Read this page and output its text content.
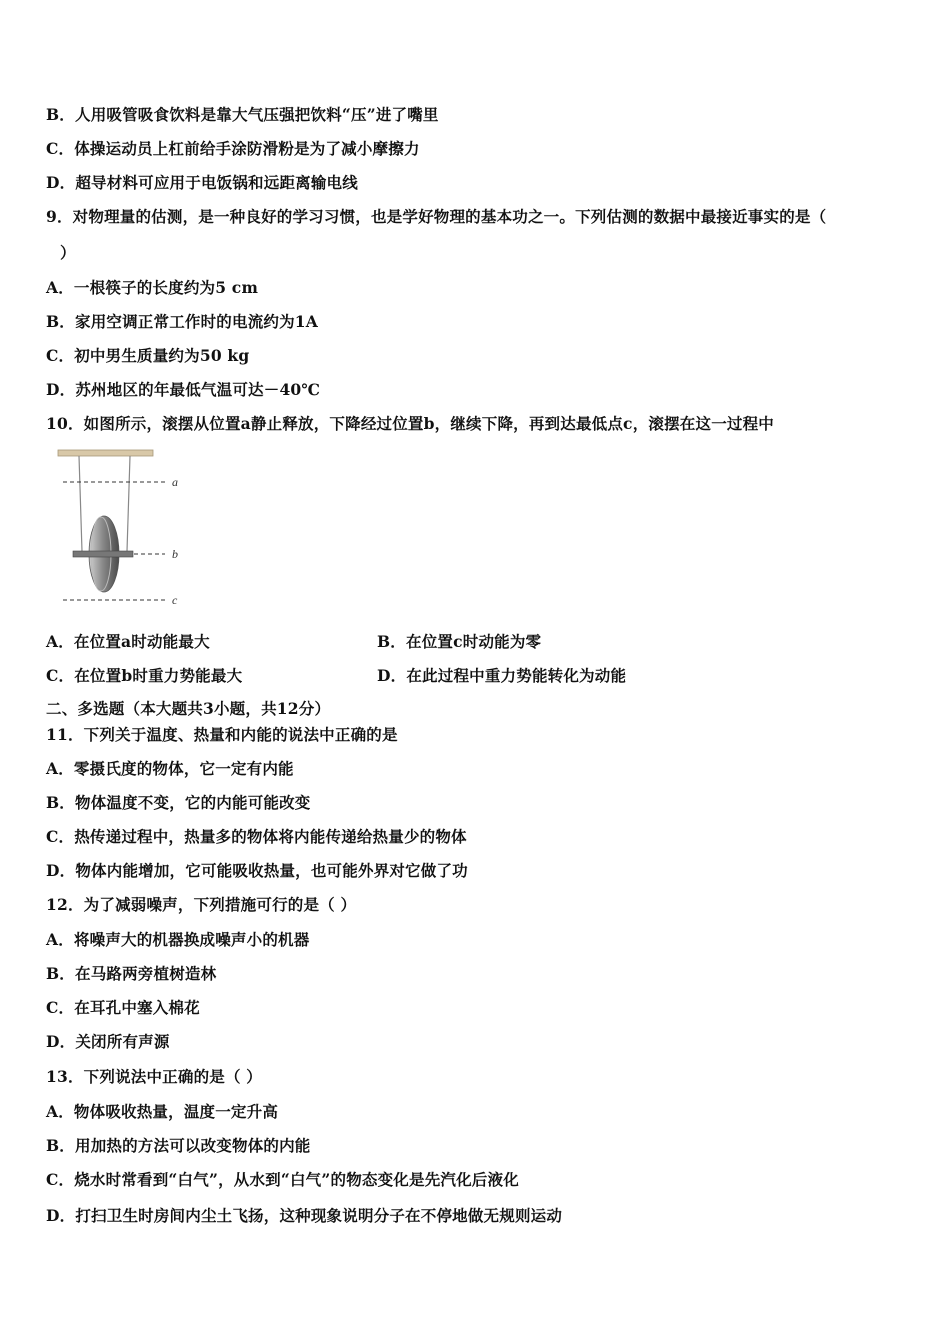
B．人用吸管吸食饮料是靠大气压强把饮料“压”进了嘴里
C．体操运动员上杠前给手涂防滑粉是为了减小摩擦力
D．超导材料可应用于电饭锅和远距离输电线
9．对物理量的估测，是一种良好的学习习惯，也是学好物理的基本功之一。下列估测的数据中最接近事实的是（
）
A．一根筷子的长度约为5 cm
B．家用空调正常工作时的电流约为1A
C．初中男生质量约为50 kg
D．苏州地区的年最低气温可达－40℃
10．如图所示，滚摆从位置a静止释放，下降经过位置b，继续下降，再到达最低点c，滚摆在这一过程中
a
b
c
A．在位置a时动能最大	B．在位置c时动能为零
C．在位置b时重力势能最大	D．在此过程中重力势能转化为动能
二、多选题（本大题共3小题，共12分）
11．下列关于温度、热量和内能的说法中正确的是
A．零摄氏度的物体，它一定有内能
B．物体温度不变，它的内能可能改变
C．热传递过程中，热量多的物体将内能传递给热量少的物体
D．物体内能增加，它可能吸收热量，也可能外界对它做了功
12．为了减弱噪声，下列措施可行的是（ ）
A．将噪声大的机器换成噪声小的机器
B．在马路两旁植树造林
C．在耳孔中塞入棉花
D．关闭所有声源
13．下列说法中正确的是（ ）
A．物体吸收热量，温度一定升高
B．用加热的方法可以改变物体的内能
C．烧水时常看到“白气”，从水到“白气”的物态变化是先汽化后液化
D．打扫卫生时房间内尘土飞扬，这种现象说明分子在不停地做无规则运动
